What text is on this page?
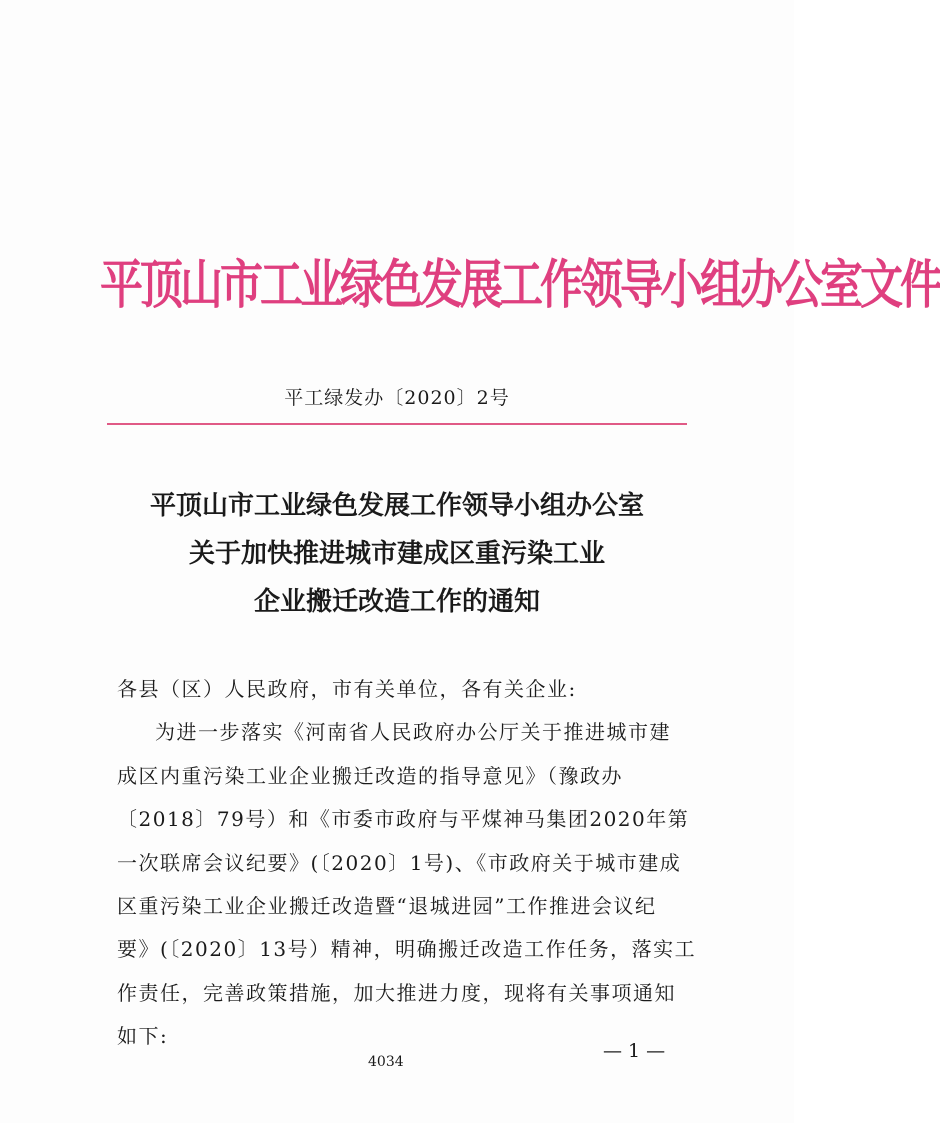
平顶山市工业绿色发展工作领导小组办公室文件
平工绿发办〔2020〕2号
平顶山市工业绿色发展工作领导小组办公室
关于加快推进城市建成区重污染工业
企业搬迁改造工作的通知
各县（区）人民政府，市有关单位，各有关企业:
为进一步落实《河南省人民政府办公厅关于推进城市建
成区内重污染工业企业搬迁改造的指导意见》（豫政办
〔2018〕79号）和《市委市政府与平煤神马集团2020年第
一次联席会议纪要》(〔2020〕1号)、《市政府关于城市建成
区重污染工业企业搬迁改造暨“退城进园”工作推进会议纪
要》(〔2020〕13号）精神，明确搬迁改造工作任务，落实工
作责任，完善政策措施，加大推进力度，现将有关事项通知
如下:
4034	— 1 —
